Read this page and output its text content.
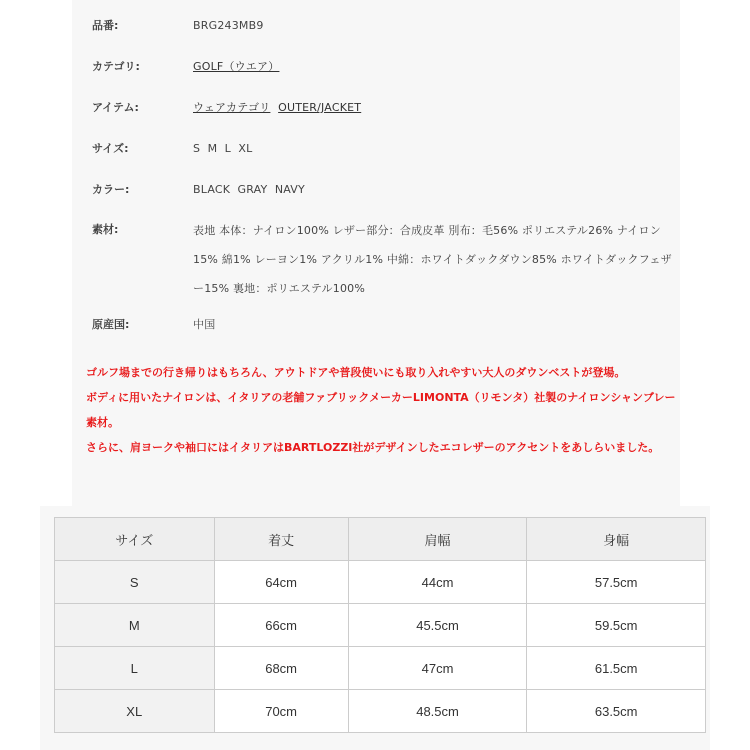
品番:	BRG243MB9
カテゴリ:	GOLF（ウエア）
アイテム:	ウェアカテゴリ OUTER/JACKET
サイズ:	S  M  L  XL
カラー:	BLACK  GRAY  NAVY
素材:	表地 本体：ナイロン100% レザー部分：合成皮革 別布：毛56% ポリエステル26% ナイロン15% 綿1% レーヨン1% アクリル1% 中綿：ホワイトダックダウン85% ホワイトダックフェザー15% 裏地：ポリエステル100%
原産国:	中国

ゴルフ場までの行き帰りはもちろん、アウトドアや普段使いにも取り入れやすい大人のダウンベストが登場。

ボディに用いたナイロンは、イタリアの老舗ファブリックメーカーLIMONTA（リモンタ）社製のナイロンシャンブレー素材。

さらに、肩ヨークや袖口にはイタリアはBARTLOZZI社がデザインしたエコレザーのアクセントをあしらいました。

サイズ	着丈	肩幅	身幅
S	64cm	44cm	57.5cm
M	66cm	45.5cm	59.5cm
L	68cm	47cm	61.5cm
XL	70cm	48.5cm	63.5cm
